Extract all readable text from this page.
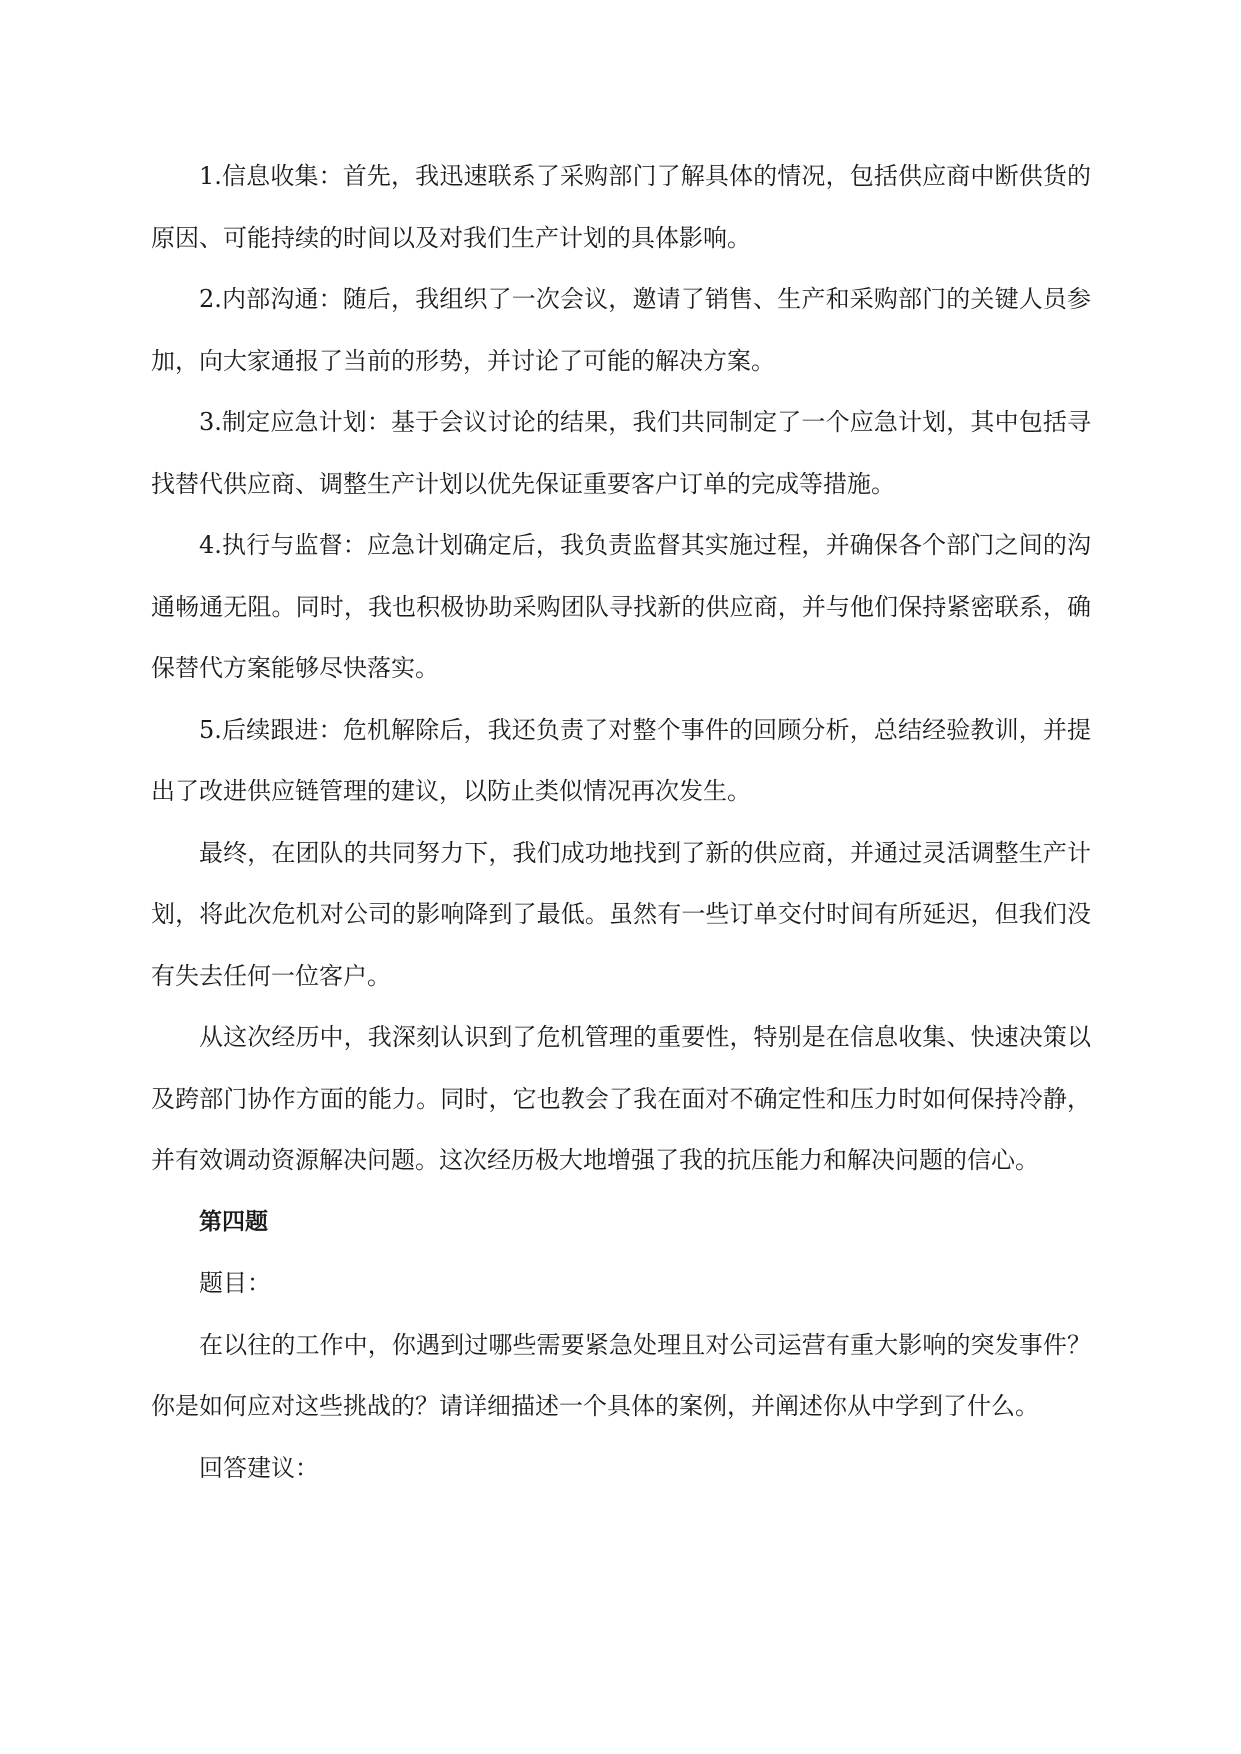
1.信息收集：首先，我迅速联系了采购部门了解具体的情况，包括供应商中断供货的原因、可能持续的时间以及对我们生产计划的具体影响。

2.内部沟通：随后，我组织了一次会议，邀请了销售、生产和采购部门的关键人员参加，向大家通报了当前的形势，并讨论了可能的解决方案。

3.制定应急计划：基于会议讨论的结果，我们共同制定了一个应急计划，其中包括寻找替代供应商、调整生产计划以优先保证重要客户订单的完成等措施。

4.执行与监督：应急计划确定后，我负责监督其实施过程，并确保各个部门之间的沟通畅通无阻。同时，我也积极协助采购团队寻找新的供应商，并与他们保持紧密联系，确保替代方案能够尽快落实。

5.后续跟进：危机解除后，我还负责了对整个事件的回顾分析，总结经验教训，并提出了改进供应链管理的建议，以防止类似情况再次发生。

最终，在团队的共同努力下，我们成功地找到了新的供应商，并通过灵活调整生产计划，将此次危机对公司的影响降到了最低。虽然有一些订单交付时间有所延迟，但我们没有失去任何一位客户。

从这次经历中，我深刻认识到了危机管理的重要性，特别是在信息收集、快速决策以及跨部门协作方面的能力。同时，它也教会了我在面对不确定性和压力时如何保持冷静，并有效调动资源解决问题。这次经历极大地增强了我的抗压能力和解决问题的信心。

第四题

题目：

在以往的工作中，你遇到过哪些需要紧急处理且对公司运营有重大影响的突发事件？你是如何应对这些挑战的？请详细描述一个具体的案例，并阐述你从中学到了什么。

回答建议：
